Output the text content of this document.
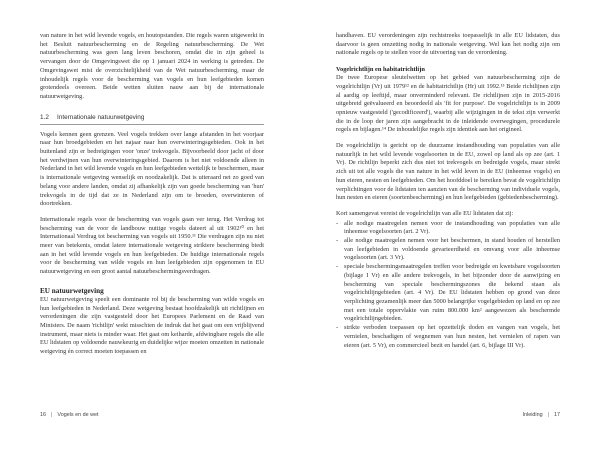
van nature in het wild levende vogels, en houtopstanden. Die regels waren uitgewerkt in het Besluit natuurbescherming en de Regeling natuurbescherming. De Wet natuurbescherming was geen lang leven beschoren, omdat die in zijn geheel is vervangen door de Omgevingswet die op 1 januari 2024 in werking is getreden. De Omgevingswet mist de overzichtelijkheid van de Wet natuurbescherming, maar de inhoudelijk regels voor de bescherming van vogels en hun leefgebieden komen grotendeels overeen. Beide wetten sluiten nauw aan bij de internationale natuurwetgeving.

1.2	Internationale natuurwetgeving

Vogels kennen geen grenzen. Veel vogels trekken over lange afstanden in het voorjaar naar hun broedgebieden en het najaar naar hun overwinteringsgebieden. Ook in het buitenland zijn er bedreigingen voor 'onze' trekvogels. Bijvoorbeeld door jacht of door het verdwijnen van hun overwinteringsgebied. Daarom is het niet voldoende alleen in Nederland in het wild levende vogels en hun leefgebieden wettelijk te beschermen, maar is internationale wetgeving wenselijk en noodzakelijk. Dat is uiteraard net zo goed van belang voor andere landen, omdat zij afhankelijk zijn van goede bescherming van 'hun' trekvogels in de tijd dat ze in Nederland zijn om te broeden, overwinteren of doortrekken.

Internationale regels voor de bescherming van vogels gaan ver terug. Het Verdrag tot bescherming van de voor de landbouw nuttige vogels dateert al uit 1902¹⁰ en het Internationaal Verdrag tot bescherming van vogels uit 1950.¹¹ Die verdragen zijn nu niet meer van betekenis, omdat latere internationale wetgeving striktere bescherming biedt aan in het wild levende vogels en hun leefgebieden. De huidige internationale regels voor de bescherming van wilde vogels en hun leefgebieden zijn opgenomen in EU natuurwetgeving en een groot aantal natuurbeschermingsverdragen.

EU natuurwetgeving

EU natuurwetgeving speelt een dominante rol bij de bescherming van wilde vogels en hun leefgebieden in Nederland. Deze wetgeving bestaat hoofdzakelijk uit richtlijnen en verordeningen die zijn vastgesteld door het Europees Parlement en de Raad van Ministers. De naam 'richtlijn' wekt misschien de indruk dat het gaat om een vrijblijvend instrument, maar niets is minder waar. Het gaat om keiharde, afdwingbare regels die alle EU lidstaten op voldoende nauwkeurig en duidelijke wijze moeten omzetten in nationale wetgeving én correct moeten toepassen en

16 | Vogels en de wet

handhaven. EU verordeningen zijn rechtstreeks toepasselijk in alle EU lidstaten, dus daarvoor is geen omzetting nodig in nationale wetgeving. Wel kan het nodig zijn om nationale regels op te stellen voor de uitvoering van de verordening.

Vogelrichtlijn en habitatrichtlijn

De twee Europese sleutelwetten op het gebied van natuurbescherming zijn de vogelrichtlijn (Vr) uit 1979¹² en de habitatrichtlijn (Hr) uit 1992.¹³ Beide richtlijnen zijn al aardig op leeftijd, maar onverminderd relevant. De richtlijnen zijn in 2015-2016 uitgebreid geëvalueerd en beoordeeld als 'fit for purpose'. De vogelrichtlijn is in 2009 opnieuw vastgesteld ('gecodificeerd'), waarbij alle wijzigingen in de tekst zijn verwerkt die in de loop der jaren zijn aangebracht in de inleidende overwegingen, procedurele regels en bijlagen.¹⁴ De inhoudelijke regels zijn identiek aan het origineel.

De vogelrichtlijn is gericht op de duurzame instandhouding van populaties van alle natuurlijk in het wild levende vogelsoorten in de EU, zowel op land als op zee (art. 1 Vr). De richtlijn beperkt zich dus niet tot trekvogels en bedreigde vogels, maar strekt zich uit tot alle vogels die van nature in het wild leven in de EU (inheemse vogels) en hun eieren, nesten en leefgebieden. Om het hoofddoel te bereiken bevat de vogelrichtlijn verplichtingen voor de lidstaten ten aanzien van de bescherming van individuele vogels, hun nesten en eieren (soortenbescherming) en hun leefgebieden (gebiedenbescherming).

Kort samengevat vereist de vogelrichtlijn van alle EU lidstaten dat zij:

- alle nodige maatregelen nemen voor de instandhouding van populaties van alle inheemse vogelsoorten (art. 2 Vr).
- alle nodige maatregelen nemen voor het beschermen, in stand houden of herstellen van leefgebieden in voldoende gevarieerdheid en omvang voor alle inheemse vogelsoorten (art. 3 Vr).
- speciale beschermingsmaatregelen treffen voor bedreigde en kwetsbare vogelsoorten (bijlage I Vr) en alle andere trekvogels, in het bijzonder door de aanwijzing en bescherming van speciale beschermingszones die bekend staan als vogelrichtlijngebieden (art. 4 Vr). De EU lidstaten hebben op grond van deze verplichting gezamenlijk meer dan 5000 belangrijke vogelgebieden op land en op zee met een totale oppervlakte van ruim 800.000 km² aangewezen als beschermde vogelrichtlijngebieden.
- strikte verboden toepassen op het opzettelijk doden en vangen van vogels, het vernielen, beschadigen of wegnemen van hun nesten, het vernielen of rapen van eieren (art. 5 Vr), en commercieel bezit en handel (art. 6, bijlage III Vr).
Inleiding | 17
